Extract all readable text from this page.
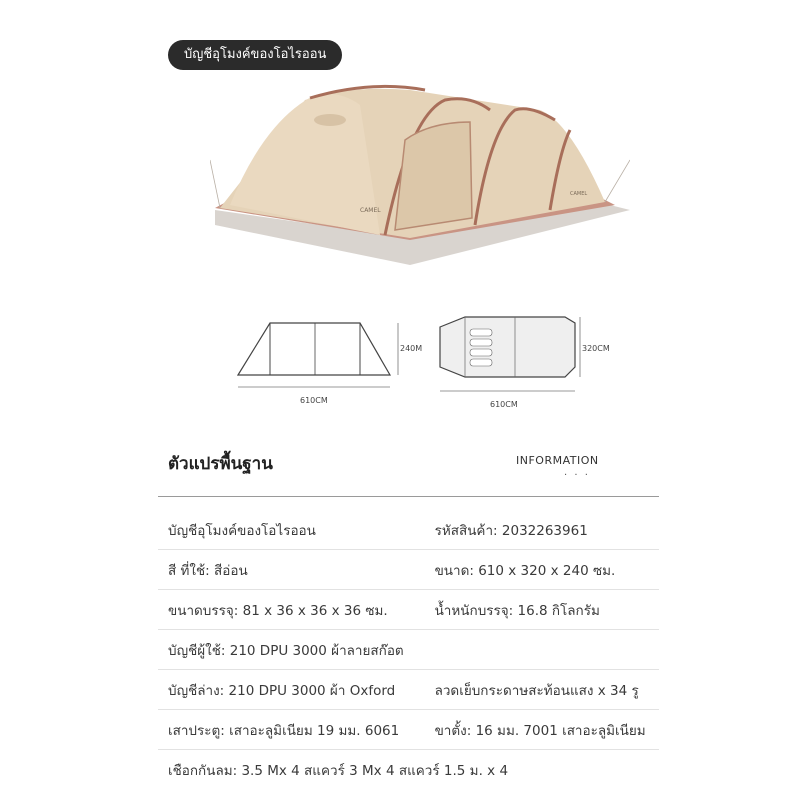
บัญชีอุโมงค์ของโอไรออน
CAMEL
CAMEL
610CM
240M
610CM
320CM
ตัวแปรพื้นฐาน	INFORMATION
· · ·
บัญชีอุโมงค์ของโอไรออน	รหัสสินค้า: 2032263961
สี ที่ใช้: สีอ่อน	ขนาด: 610 x 320 x 240 ซม.
ขนาดบรรจุ: 81 x 36 x 36 x 36 ซม.	น้ำหนักบรรจุ: 16.8 กิโลกรัม
บัญชีผู้ใช้: 210 DPU 3000 ผ้าลายสก๊อต
บัญชีล่าง: 210 DPU 3000 ผ้า Oxford	ลวดเย็บกระดาษสะท้อนแสง x 34 รู
เสาประตู: เสาอะลูมิเนียม 19 มม. 6061	ขาตั้ง: 16 มม. 7001 เสาอะลูมิเนียม
เชือกกันลม: 3.5 Mx 4 สแควร์ 3 Mx 4 สแควร์ 1.5 ม. x 4
